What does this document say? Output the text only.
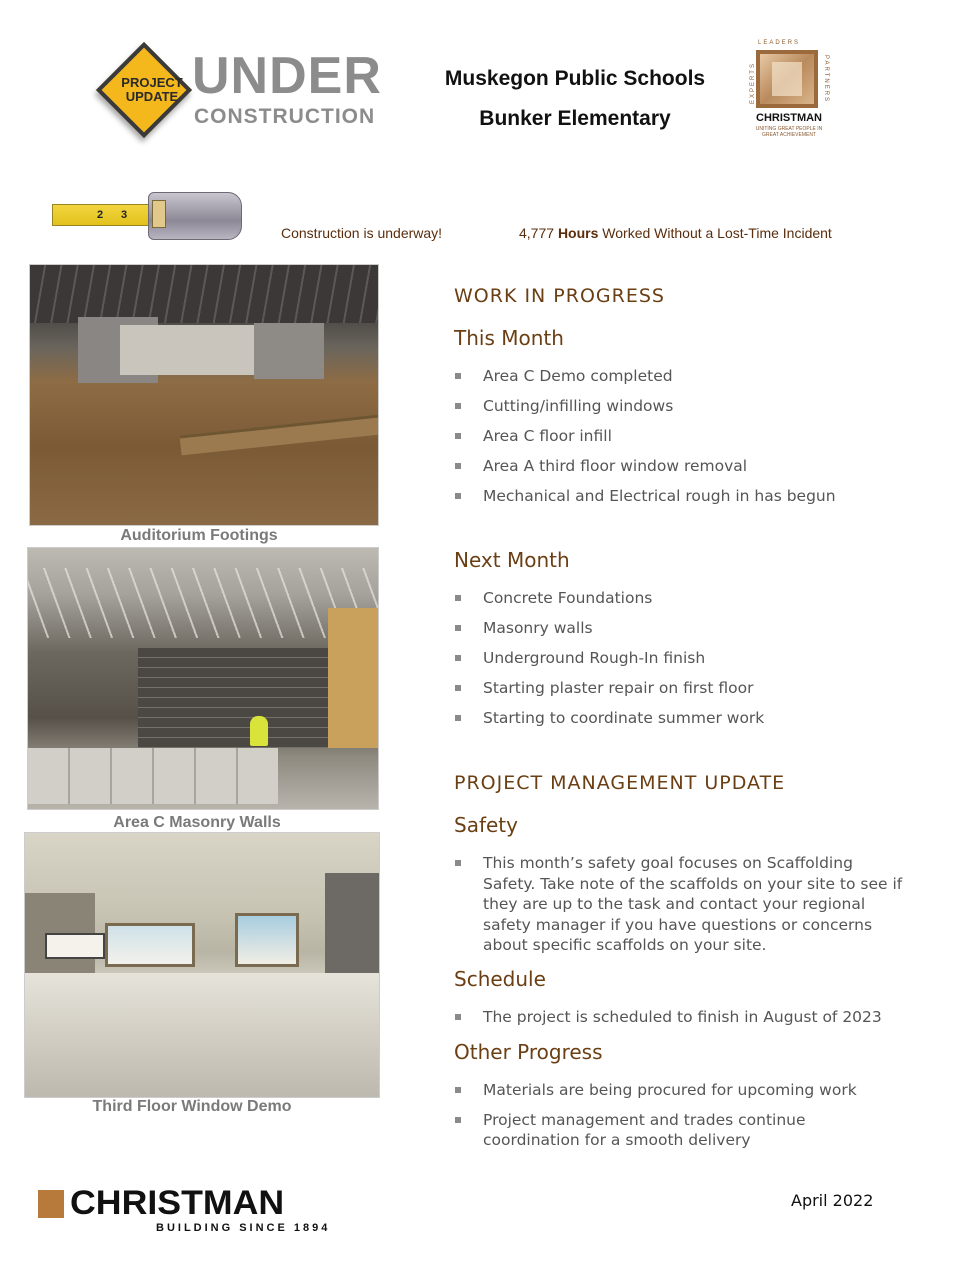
PROJECT UPDATE UNDER
CONSTRUCTION
Muskegon Public Schools
Bunker Elementary
LEADERS
EXPERTS	PARTNERS
CHRISTMAN
UNITING GREAT PEOPLE IN GREAT ACHIEVEMENT
2 3
Construction is underway!	4,777 Hours Worked Without a Lost-Time Incident
Auditorium Footings
Area C Masonry Walls
Third Floor Window Demo
WORK IN PROGRESS
This Month
Area C Demo completed
Cutting/infilling windows
Area C floor infill
Area A third floor window removal
Mechanical and Electrical rough in has begun
Next Month
Concrete Foundations
Masonry walls
Underground Rough-In finish
Starting plaster repair on first floor
Starting to coordinate summer work
PROJECT MANAGEMENT UPDATE
Safety
This month’s safety goal focuses on Scaffolding Safety. Take note of the scaffolds on your site to see if they are up to the task and contact your regional safety manager if you have questions or concerns about specific scaffolds on your site.
Schedule
The project is scheduled to finish in August of 2023
Other Progress
Materials are being procured for upcoming work
Project management and trades continue coordination for a smooth delivery
CHRISTMAN
BUILDING SINCE 1894
April 2022
